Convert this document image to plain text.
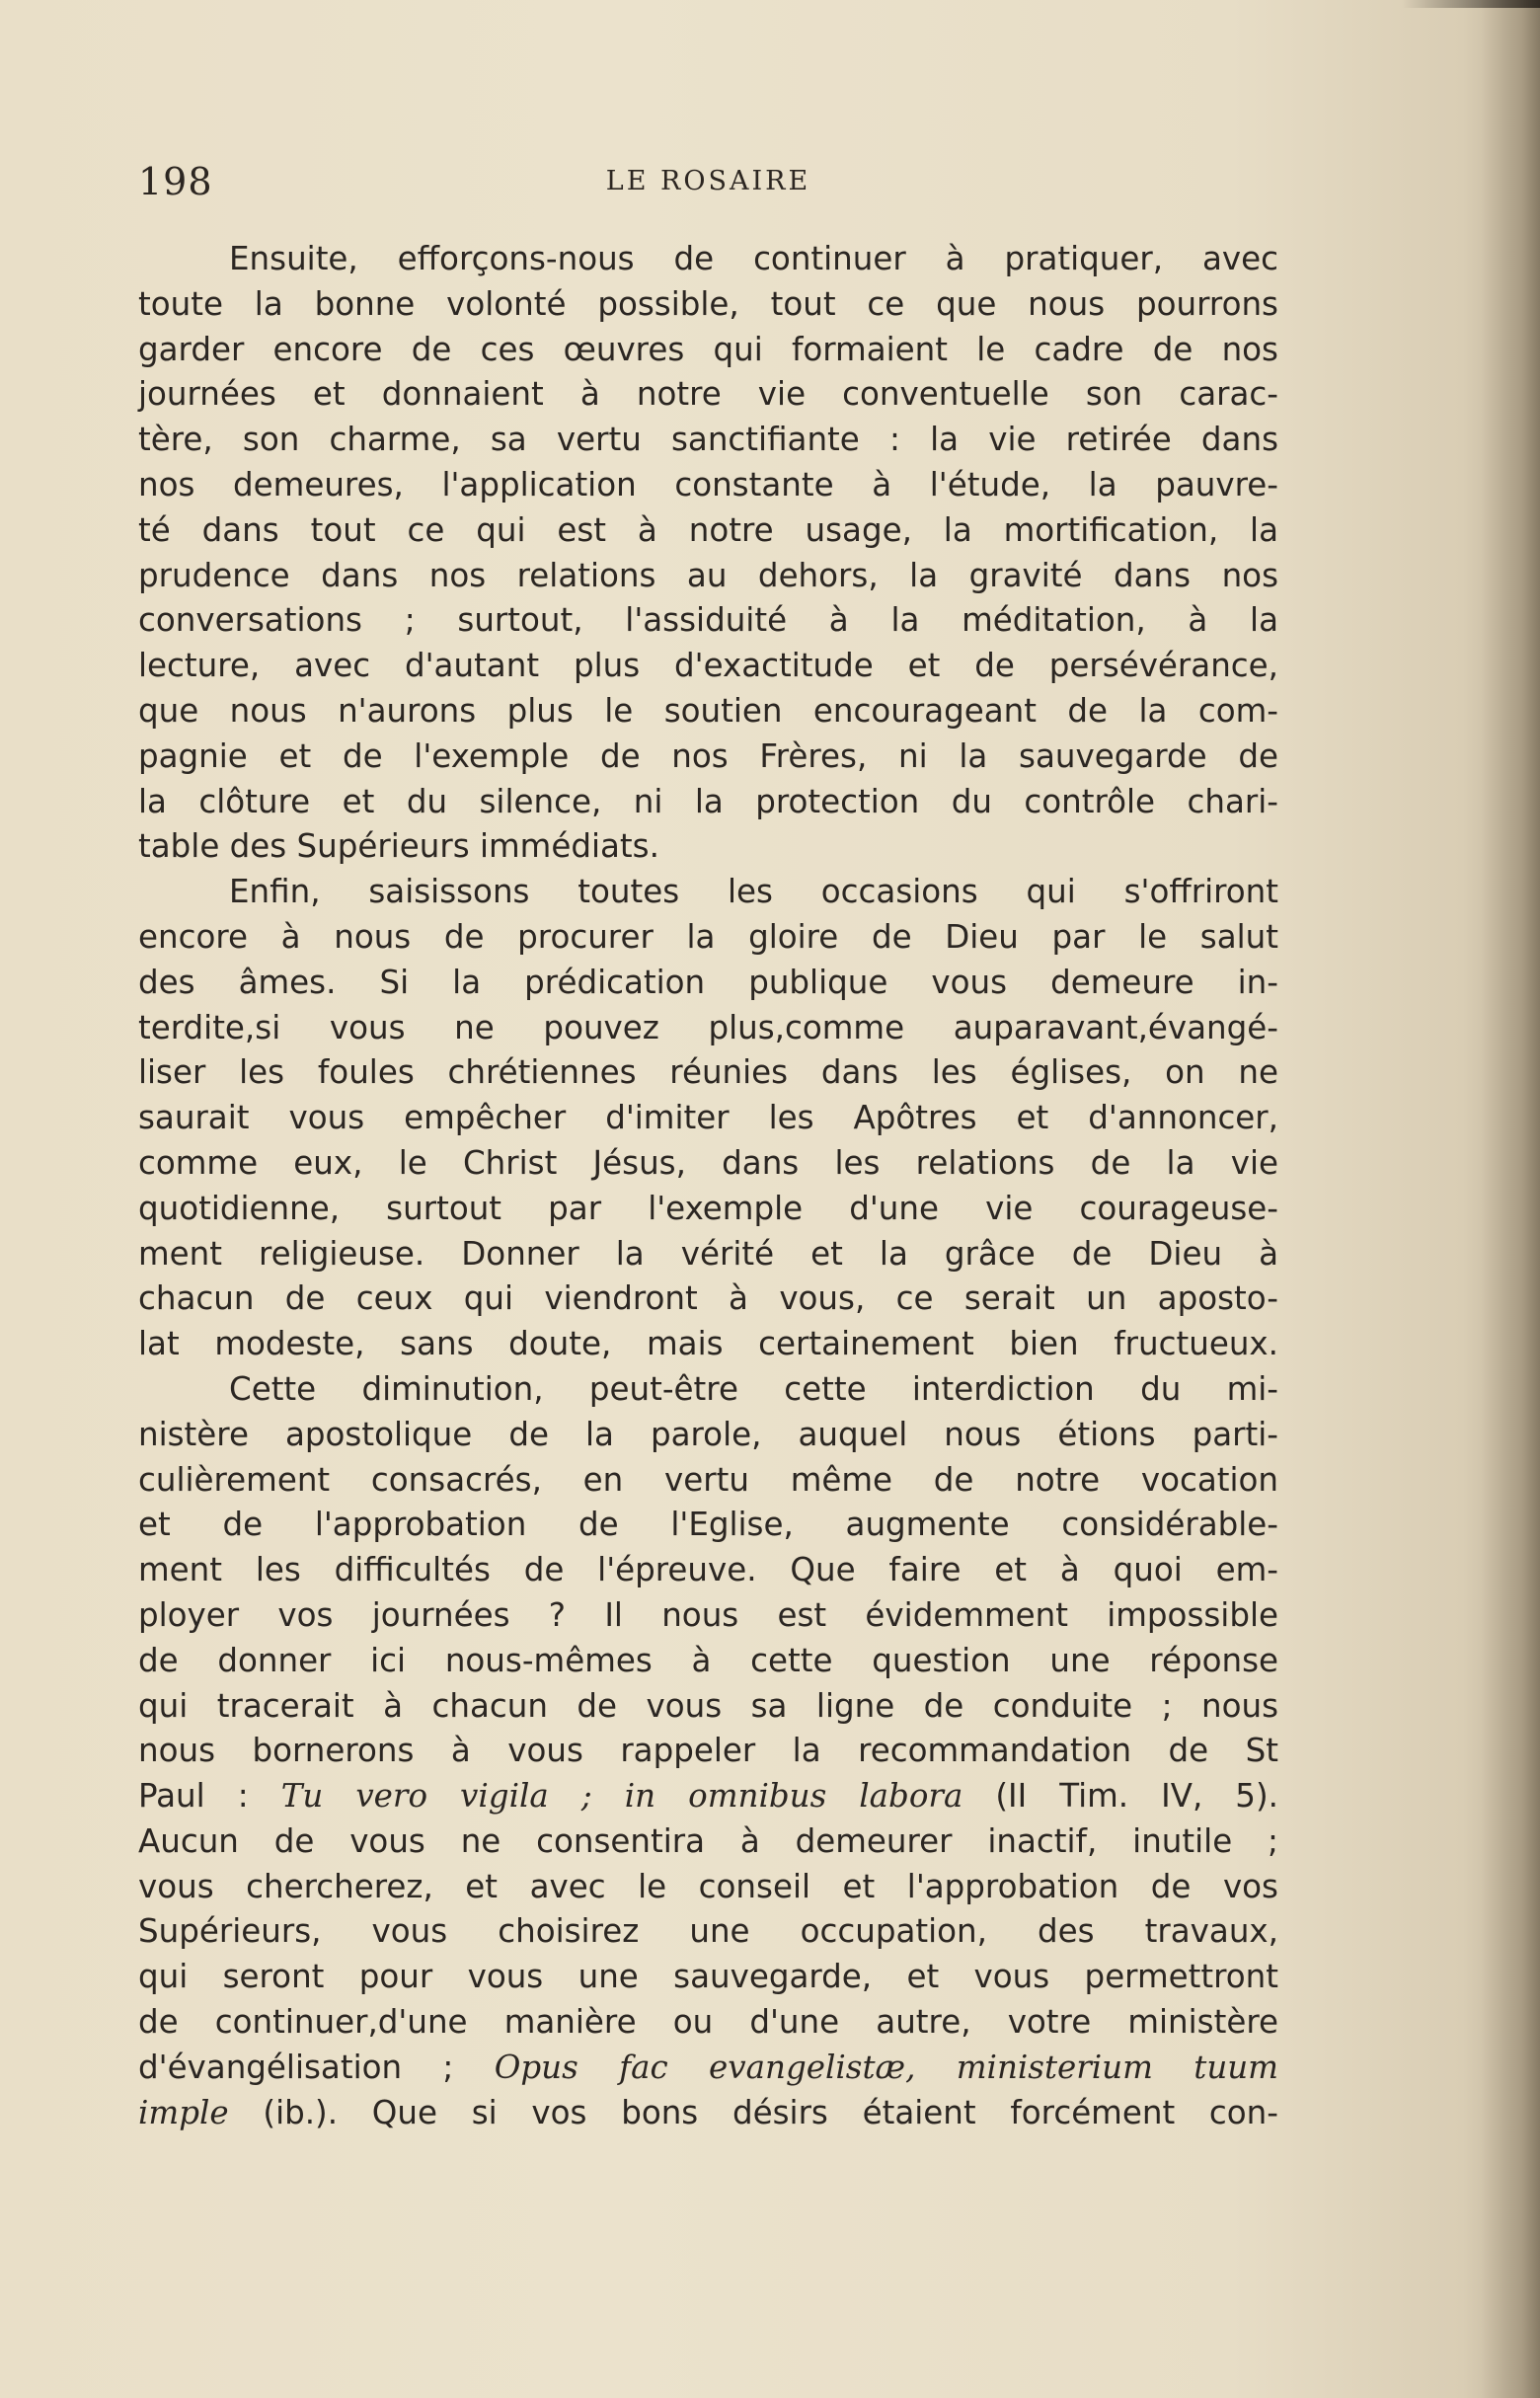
198	LE ROSAIRE
Ensuite, efforçons-nous de continuer à pratiquer, avec
toute la bonne volonté possible, tout ce que nous pourrons
garder encore de ces œuvres qui formaient le cadre de nos
journées et donnaient à notre vie conventuelle son carac-
tère, son charme, sa vertu sanctifiante : la vie retirée dans
nos demeures, l'application constante à l'étude, la pauvre-
té dans tout ce qui est à notre usage, la mortification, la
prudence dans nos relations au dehors, la gravité dans nos
conversations ; surtout, l'assiduité à la méditation, à la
lecture, avec d'autant plus d'exactitude et de persévérance,
que nous n'aurons plus le soutien encourageant de la com-
pagnie et de l'exemple de nos Frères, ni la sauvegarde de
la clôture et du silence, ni la protection du contrôle chari-
table des Supérieurs immédiats.
Enfin, saisissons toutes les occasions qui s'offriront
encore à nous de procurer la gloire de Dieu par le salut
des âmes. Si la prédication publique vous demeure in-
terdite,si vous ne pouvez plus,comme auparavant,évangé-
liser les foules chrétiennes réunies dans les églises, on ne
saurait vous empêcher d'imiter les Apôtres et d'annoncer,
comme eux, le Christ Jésus, dans les relations de la vie
quotidienne, surtout par l'exemple d'une vie courageuse-
ment religieuse. Donner la vérité et la grâce de Dieu à
chacun de ceux qui viendront à vous, ce serait un aposto-
lat modeste, sans doute, mais certainement bien fructueux.
Cette diminution, peut-être cette interdiction du mi-
nistère apostolique de la parole, auquel nous étions parti-
culièrement consacrés, en vertu même de notre vocation
et de l'approbation de l'Eglise, augmente considérable-
ment les difficultés de l'épreuve. Que faire et à quoi em-
ployer vos journées ? Il nous est évidemment impossible
de donner ici nous-mêmes à cette question une réponse
qui tracerait à chacun de vous sa ligne de conduite ; nous
nous bornerons à vous rappeler la recommandation de St
Paul : Tu vero vigila ; in omnibus labora (II Tim. IV, 5).
Aucun de vous ne consentira à demeurer inactif, inutile ;
vous chercherez, et avec le conseil et l'approbation de vos
Supérieurs, vous choisirez une occupation, des travaux,
qui seront pour vous une sauvegarde, et vous permettront
de continuer,d'une manière ou d'une autre, votre ministère
d'évangélisation ; Opus fac evangelistæ, ministerium tuum
imple (ib.). Que si vos bons désirs étaient forcément con-
